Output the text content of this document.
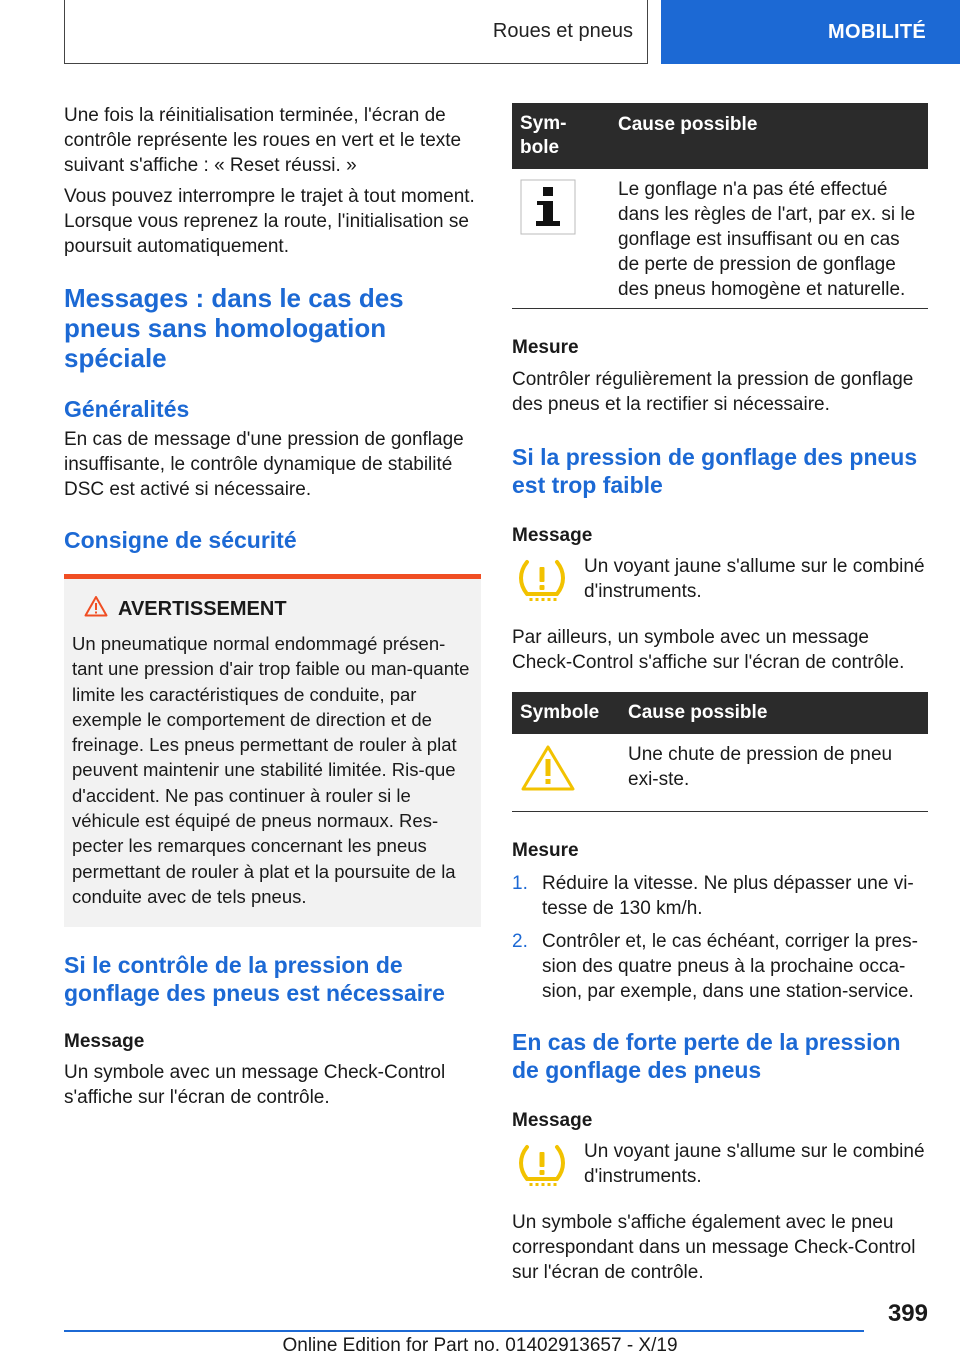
Roues et pneus	MOBILITÉ

Une fois la réinitialisation terminée, l'écran de contrôle représente les roues en vert et le texte suivant s'affiche : « Reset réussi. »

Vous pouvez interrompre le trajet à tout moment. Lorsque vous reprenez la route, l'initialisation se poursuit automatiquement.

Messages : dans le cas des pneus sans homologation spéciale
Généralités

En cas de message d'une pression de gonflage insuffisante, le contrôle dynamique de stabilité DSC est activé si nécessaire.

Consigne de sécurité
AVERTISSEMENT

Un pneumatique normal endommagé présen-tant une pression d'air trop faible ou man-quante limite les caractéristiques de conduite, par exemple le comportement de direction et de freinage. Les pneus permettant de rouler à plat peuvent maintenir une stabilité limitée. Ris-que d'accident. Ne pas continuer à rouler si le véhicule est équipé de pneus normaux. Res-pecter les remarques concernant les pneus permettant de rouler à plat et la poursuite de la conduite avec de tels pneus.

Si le contrôle de la pression de gonflage des pneus est nécessaire

Message

Un symbole avec un message Check-Control s'affiche sur l'écran de contrôle.

Sym-bole	Cause possible
	Le gonflage n'a pas été effectué dans les règles de l'art, par ex. si le gonflage est insuffisant ou en cas de perte de pression de gonflage des pneus homogène et naturelle.

Mesure

Contrôler régulièrement la pression de gonflage des pneus et la rectifier si nécessaire.

Si la pression de gonflage des pneus est trop faible

Message

Un voyant jaune s'allume sur le combiné d'instruments.

Par ailleurs, un symbole avec un message Check-Control s'affiche sur l'écran de contrôle.

Symbole	Cause possible
	Une chute de pression de pneu exi-ste.

Mesure

1. Réduire la vitesse. Ne plus dépasser une vi-tesse de 130 km/h.
2. Contrôler et, le cas échéant, corriger la pres-sion des quatre pneus à la prochaine occa-sion, par exemple, dans une station-service.
En cas de forte perte de la pression de gonflage des pneus

Message

Un voyant jaune s'allume sur le combiné d'instruments.

Un symbole s'affiche également avec le pneu correspondant dans un message Check-Control sur l'écran de contrôle.

399
Online Edition for Part no. 01402913657 - X/19
